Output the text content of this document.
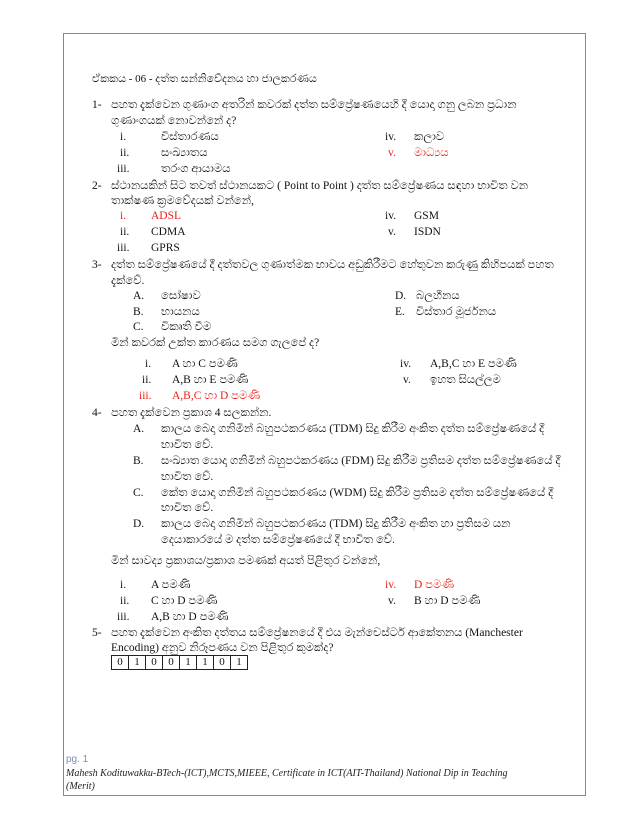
ඒකකය - 06 - දත්ත සන්නිවේදනය හා ජාලකරණය
1- පහත දැක්වෙන ගුණාංග අතරින් කවරක් දත්ත සම්ප්‍රේෂණයෙහි දී යොදා ගනු ලබන ප්‍රධාන
ගුණාංගයක් නොවන්නේ ද?
i.	විස්තාරණය
ii.	සංඛ්‍යාතය
iii.	තරංග ආයාමය
iv. කලාව
v. මාධ්‍යය
2- ස්ථානයකින් සිට තවත් ස්ථානයකට ( Point to Point ) දත්ත සම්ප්‍රේෂණය සඳහා භාවිත වන
තාක්ෂණ ක්‍රමවේදයක් වන්නේ,
i. ADSL
ii. CDMA
iii. GPRS
iv. GSM
v. ISDN
3- දත්ත සම්ප්‍රේෂණයේ දී දත්තවල ගුණාත්මක භාවය අඩුකිරීමට හේතුවන කරුණු කිහිපයක් පහත
දැක්වේ.
A. සෝෂාව
B. භායනය
C. විකෘති වීම
D. බලහීනය
E. විස්තාර මූර්ජනය
මින් කවරක් උක්ත කාරණය සමග ගැලපේ ද?
i. A හා C පමණි
ii. A,B හා E පමණි
iii. A,B,C හා D පමණි
iv. A,B,C හා E පමණි
v. ඉහත සියල්ලම
4- පහත දැක්වෙන ප්‍රකාශ 4 සලකන්න.
A. කාලය බෙදා ගනිමින් බහුපථකරණය (TDM) සිදු කිරීම අංකිත දත්ත සම්ප්‍රේෂණයේ දී
භාවිත වේ.
B. සංඛ්‍යාත යොදා ගනිමින් බහුපථකරණය (FDM) සිදු කිරීම ප්‍රතිසම දත්ත සම්ප්‍රේෂණයේ දී
භාවිත වේ.
C. කේත යොදා ගනිමින් බහුපථකරණය (WDM) සිදු කිරීම ප්‍රතිසම දත්ත සම්ප්‍රේෂණයේ දී
භාවිත වේ.
D. කාලය බෙදා ගනිමින් බහුපථකරණය (TDM) සිදු කිරීම අංකිත හා ප්‍රතිසම යන
දෙයාකාරයේ ම දත්ත සම්ප්‍රේෂණයේ දී භාවිත වේ.
මින් සාවද්‍ය ප්‍රකාශය/ප්‍රකාශ පමණක් අයත් පිළිතුර වන්නේ,
i. A පමණි
ii. C හා D පමණි
iii. A,B හා D පමණි
iv. D පමණි
v. B හා D පමණි
5- පහත දැක්වෙන අංකිත දත්තය සම්ප්‍රේෂනයේ දී එය මැන්චෙස්ටර් ආකේතනය (Manchester
Encoding) අනුව නිරූපණය වන පිළිතුර කුමක්ද?
0	1	0	0	1	1	0	1
pg. 1
Mahesh Kodituwakku-BTech-(ICT),MCTS,MIEEE, Certificate in ICT(AIT-Thailand) National Dip in Teaching
(Merit)
